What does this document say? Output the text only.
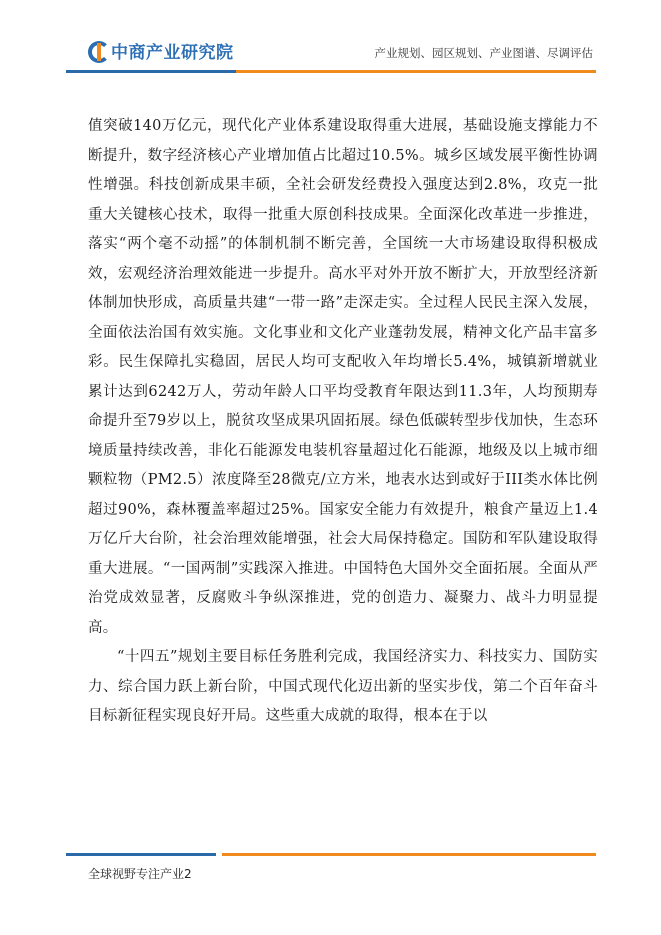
中商产业研究院	产业规划、园区规划、产业图谱、尽调评估

值突破140万亿元，现代化产业体系建设取得重大进展，基础设施支撑能力不断提升，数字经济核心产业增加值占比超过10.5%。城乡区域发展平衡性协调性增强。科技创新成果丰硕，全社会研发经费投入强度达到2.8%，攻克一批重大关键核心技术，取得一批重大原创科技成果。全面深化改革进一步推进，落实“两个毫不动摇”的体制机制不断完善，全国统一大市场建设取得积极成效，宏观经济治理效能进一步提升。高水平对外开放不断扩大，开放型经济新体制加快形成，高质量共建“一带一路”走深走实。全过程人民民主深入发展，全面依法治国有效实施。文化事业和文化产业蓬勃发展，精神文化产品丰富多彩。民生保障扎实稳固，居民人均可支配收入年均增长5.4%，城镇新增就业累计达到6242万人，劳动年龄人口平均受教育年限达到11.3年，人均预期寿命提升至79岁以上，脱贫攻坚成果巩固拓展。绿色低碳转型步伐加快，生态环境质量持续改善，非化石能源发电装机容量超过化石能源，地级及以上城市细颗粒物（PM2.5）浓度降至28微克/立方米，地表水达到或好于III类水体比例超过90%，森林覆盖率超过25%。国家安全能力有效提升，粮食产量迈上1.4万亿斤大台阶，社会治理效能增强，社会大局保持稳定。国防和军队建设取得重大进展。“一国两制”实践深入推进。中国特色大国外交全面拓展。全面从严治党成效显著，反腐败斗争纵深推进，党的创造力、凝聚力、战斗力明显提高。

“十四五”规划主要目标任务胜利完成，我国经济实力、科技实力、国防实力、综合国力跃上新台阶，中国式现代化迈出新的坚实步伐，第二个百年奋斗目标新征程实现良好开局。这些重大成就的取得，根本在于以

全球视野专注产业2
